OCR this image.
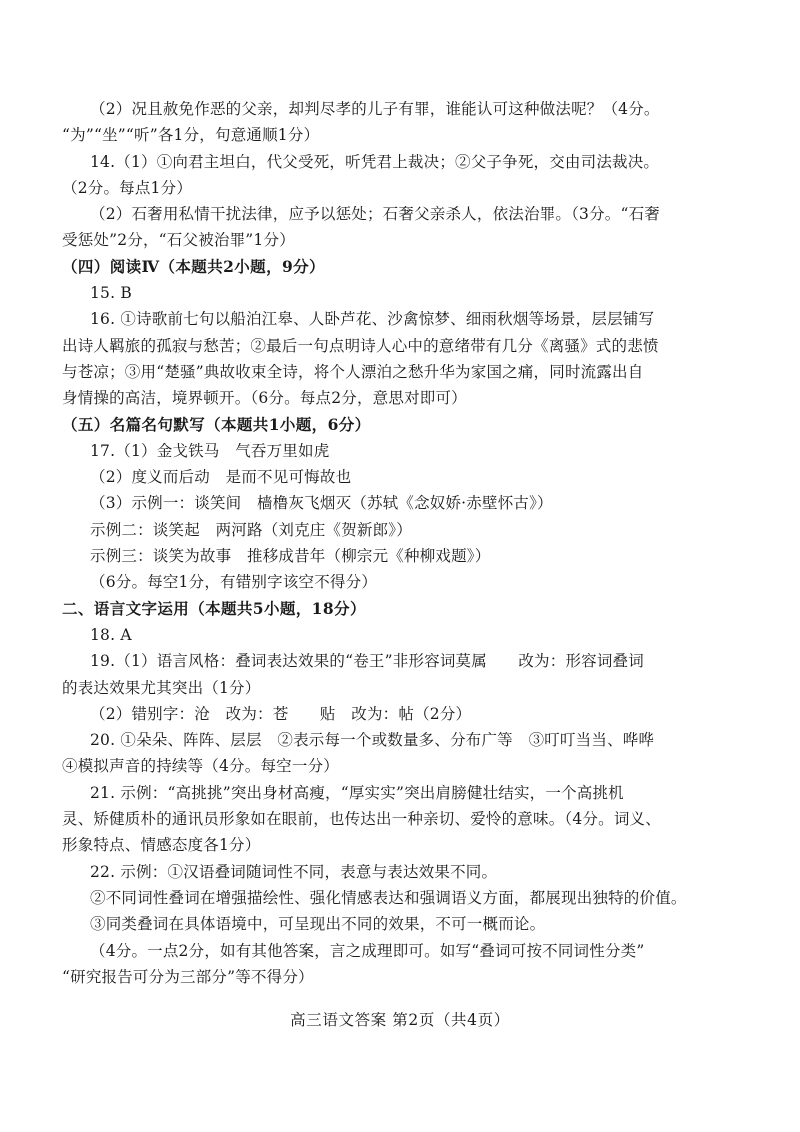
（2）况且赦免作恶的父亲，却判尽孝的儿子有罪，谁能认可这种做法呢？（4分。
“为”“坐”“听”各1分，句意通顺1分）
14.（1）①向君主坦白，代父受死，听凭君上裁决；②父子争死，交由司法裁决。
（2分。每点1分）
（2）石奢用私情干扰法律，应予以惩处；石奢父亲杀人，依法治罪。（3分。“石奢
受惩处”2分，“石父被治罪”1分）
（四）阅读Ⅳ（本题共2小题，9分）
15. B
16. ①诗歌前七句以船泊江皋、人卧芦花、沙禽惊梦、细雨秋烟等场景，层层铺写
出诗人羁旅的孤寂与愁苦；②最后一句点明诗人心中的意绪带有几分《离骚》式的悲愤
与苍凉；③用“楚骚”典故收束全诗，将个人漂泊之愁升华为家国之痛，同时流露出自
身情操的高洁，境界顿开。（6分。每点2分，意思对即可）
（五）名篇名句默写（本题共1小题，6分）
17.（1）金戈铁马　气吞万里如虎
（2）度义而后动　是而不见可悔故也
（3）示例一：谈笑间　樯橹灰飞烟灭（苏轼《念奴娇·赤壁怀古》）
示例二：谈笑起　两河路（刘克庄《贺新郎》）
示例三：谈笑为故事　推移成昔年（柳宗元《种柳戏题》）
（6分。每空1分，有错别字该空不得分）
二、语言文字运用（本题共5小题，18分）
18. A
19.（1）语言风格：叠词表达效果的“卷王”非形容词莫属　　改为：形容词叠词
的表达效果尤其突出（1分）
（2）错别字：沧　改为：苍　　贴　改为：帖（2分）
20. ①朵朵、阵阵、层层　②表示每一个或数量多、分布广等　③叮叮当当、哗哗
④模拟声音的持续等（4分。每空一分）
21. 示例：“高挑挑”突出身材高瘦，“厚实实”突出肩膀健壮结实，一个高挑机
灵、矫健质朴的通讯员形象如在眼前，也传达出一种亲切、爱怜的意味。（4分。词义、
形象特点、情感态度各1分）
22. 示例：①汉语叠词随词性不同，表意与表达效果不同。
②不同词性叠词在增强描绘性、强化情感表达和强调语义方面，都展现出独特的价值。
③同类叠词在具体语境中，可呈现出不同的效果，不可一概而论。
（4分。一点2分，如有其他答案，言之成理即可。如写“叠词可按不同词性分类”
“研究报告可分为三部分”等不得分）
高三语文答案 第2页（共4页）
